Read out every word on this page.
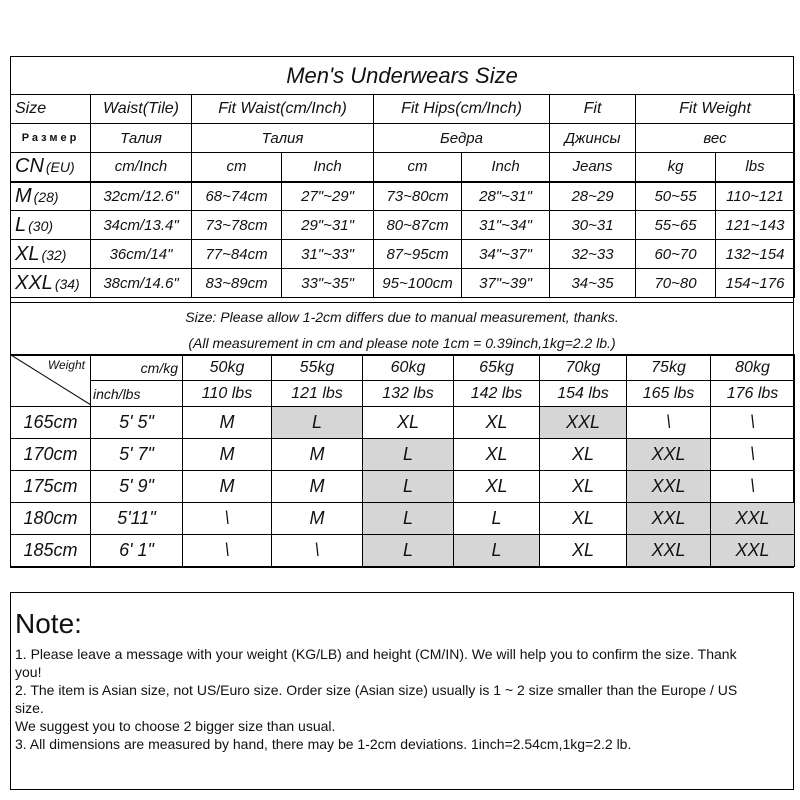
Men's Underwears Size
Size	Waist(Tile)	Fit Waist(cm/Inch)		Fit Hips(cm/Inch)		Fit	Fit Weight	
Размер	Талия	Талия		Бедра		Джинсы	вес	
CN (EU)	cm/Inch	cm	Inch	cm	Inch	Jeans	kg	lbs
M (28)	32cm/12.6"	68~74cm	27"~29"	73~80cm	28"~31"	28~29	50~55	110~121
L (30)	34cm/13.4"	73~78cm	29"~31"	80~87cm	31"~34"	30~31	55~65	121~143
XL (32)	36cm/14"	77~84cm	31"~33"	87~95cm	34"~37"	32~33	60~70	132~154
XXL (34)	38cm/14.6"	83~89cm	33"~35"	95~100cm	37"~39"	34~35	70~80	154~176
Size: Please allow 1-2cm differs due to manual measurement, thanks.
(All measurement in cm and please note 1cm = 0.39inch,1kg=2.2 lb.)
Weight	cm/kg	50kg	55kg	60kg	65kg	70kg	75kg	80kg
	inch/lbs	110 lbs	121 lbs	132 lbs	142 lbs	154 lbs	165 lbs	176 lbs
165cm	5' 5"	M	L	XL	XL	XXL	\	\
170cm	5' 7"	M	M	L	XL	XL	XXL	\
175cm	5' 9"	M	M	L	XL	XL	XXL	\
180cm	5'11"	\	M	L	L	XL	XXL	XXL
185cm	6' 1"	\	\	L	L	XL	XXL	XXL
Note:
1. Please leave a message with your weight (KG/LB) and height (CM/IN). We will help you to confirm the size. Thank
you!
2. The item is Asian size, not US/Euro size. Order size (Asian size) usually is 1 ~ 2 size smaller than the Europe / US
size.
We suggest you to choose 2 bigger size than usual.
3. All dimensions are measured by hand, there may be 1-2cm deviations. 1inch=2.54cm,1kg=2.2 lb.
